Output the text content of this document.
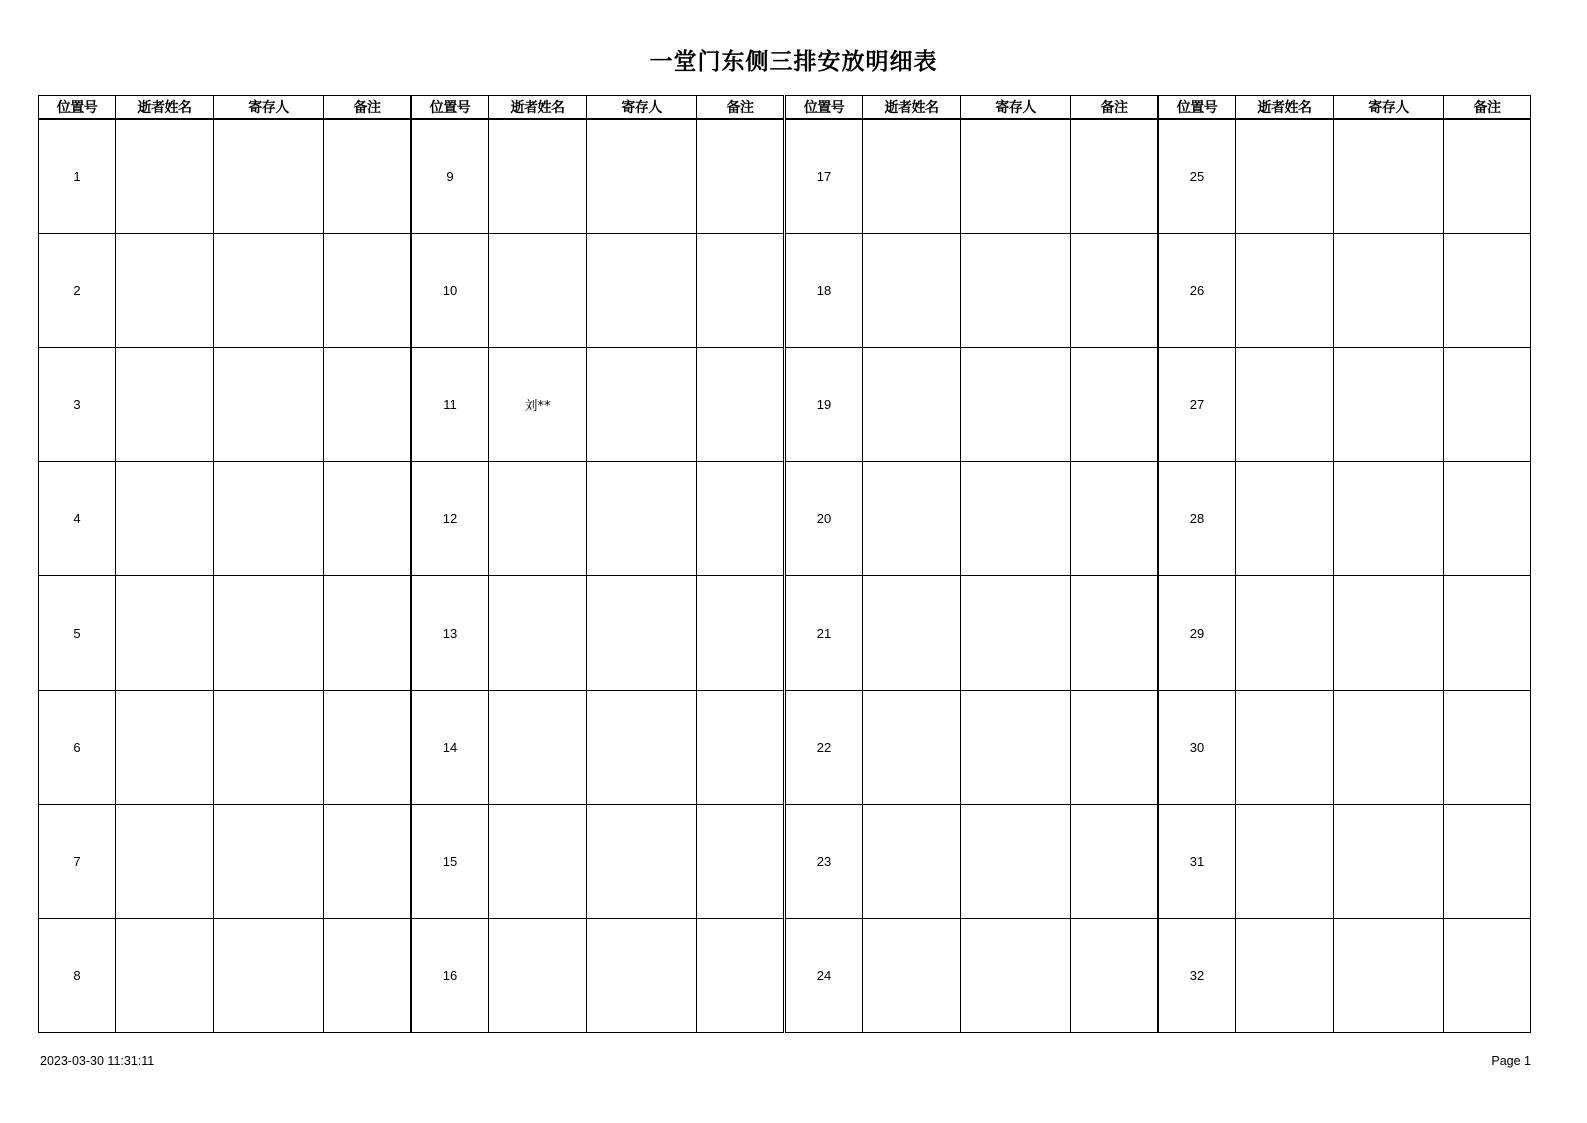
一堂门东侧三排安放明细表
位置号	逝者姓名	寄存人	备注
1			
2			
3			
4			
5			
6			
7			
8			
位置号	逝者姓名	寄存人	备注
9			
10			
11	刘**		
12			
13			
14			
15			
16			
位置号	逝者姓名	寄存人	备注
17			
18			
19			
20			
21			
22			
23			
24			
位置号	逝者姓名	寄存人	备注
25			
26			
27			
28			
29			
30			
31			
32			
2023-03-30 11:31:11	Page 1
